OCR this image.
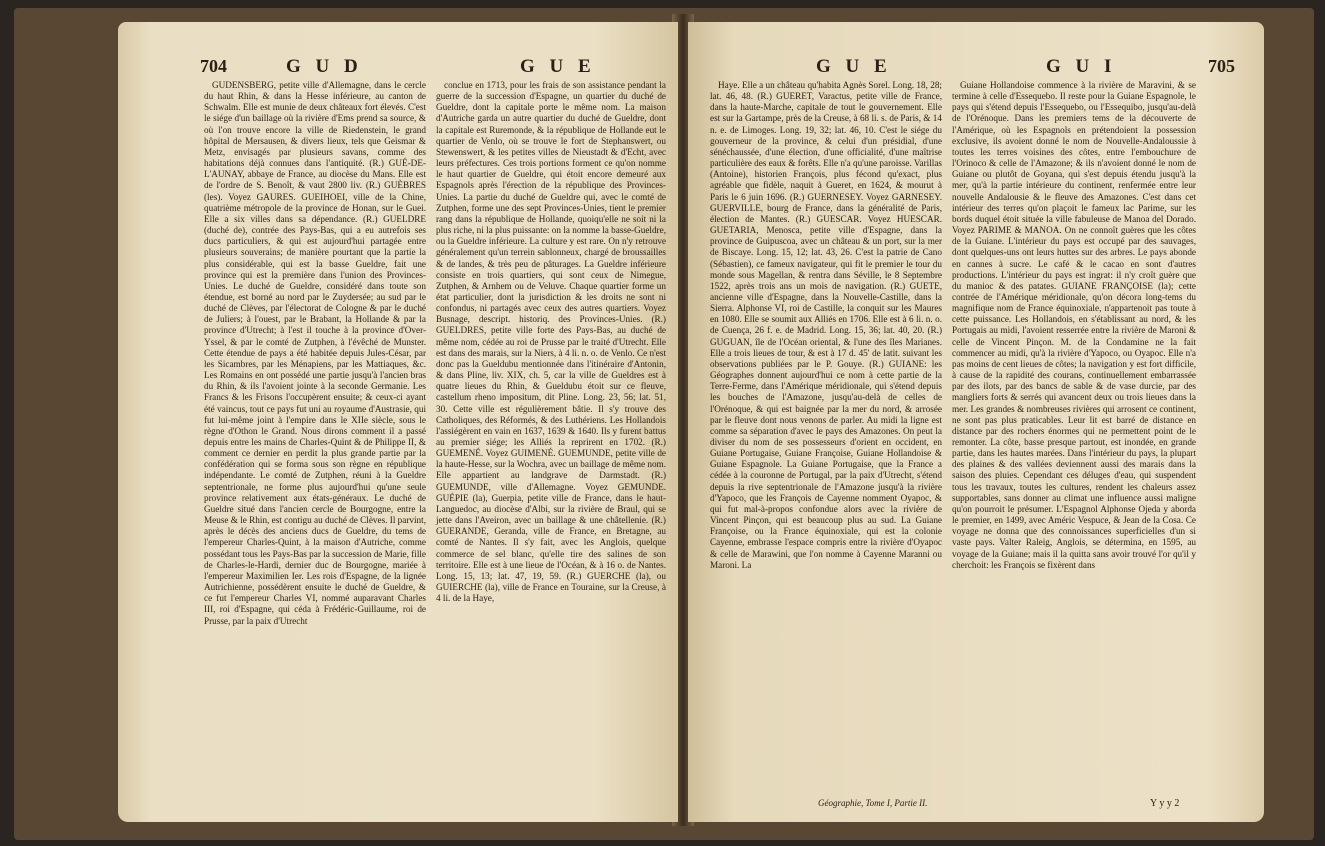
704	G U D	G U E

GUDENSBERG, petite ville d'Allemagne, dans le cercle du haut Rhin, & dans la Hesse inférieure, au canton de Schwalm. Elle est munie de deux châteaux fort élevés. C'est le siége d'un baillage où la rivière d'Ems prend sa source, & où l'on trouve encore la ville de Riedenstein, le grand hôpital de Mersausen, & divers lieux, tels que Geismar & Metz, envisagés par plusieurs savans, comme des habitations déjà connues dans l'antiquité. (R.) GUÉ-DE-L'AUNAY, abbaye de France, au diocèse du Mans. Elle est de l'ordre de S. Benoît, & vaut 2800 liv. (R.) GUÈBRES (les). Voyez GAURES. GUEIHOEI, ville de la Chine, quatrième métropole de la province de Honan, sur le Guei. Elle a six villes dans sa dépendance. (R.) GUELDRE (duché de), contrée des Pays-Bas, qui a eu autrefois ses ducs particuliers, & qui est aujourd'hui partagée entre plusieurs souverains; de manière pourtant que la partie la plus considérable, qui est la basse Gueldre, fait une province qui est la première dans l'union des Provinces-Unies. Le duché de Gueldre, considéré dans toute son étendue, est borné au nord par le Zuydersée; au sud par le duché de Clèves, par l'électorat de Cologne & par le duché de Juliers; à l'ouest, par le Brabant, la Hollande & par la province d'Utrecht; à l'est il touche à la province d'Over-Yssel, & par le comté de Zutphen, à l'évêché de Munster. Cette étendue de pays a été habitée depuis Jules-César, par les Sicambres, par les Ménapiens, par les Mattiaques, &c. Les Romains en ont possédé une partie jusqu'à l'ancien bras du Rhin, & ils l'avoient jointe à la seconde Germanie. Les Francs & les Frisons l'occupèrent ensuite; & ceux-ci ayant été vaincus, tout ce pays fut uni au royaume d'Austrasie, qui fut lui-même joint à l'empire dans le XIIe siècle, sous le règne d'Othon le Grand. Nous dirons comment il a passé depuis entre les mains de Charles-Quint & de Philippe II, & comment ce dernier en perdit la plus grande partie par la confédération qui se forma sous son règne en république indépendante. Le comté de Zutphen, réuni à la Gueldre septentrionale, ne forme plus aujourd'hui qu'une seule province relativement aux états-généraux. Le duché de Gueldre situé dans l'ancien cercle de Bourgogne, entre la Meuse & le Rhin, est contigu au duché de Clèves. Il parvint, après le décès des anciens ducs de Gueldre, du tems de l'empereur Charles-Quint, à la maison d'Autriche, comme possédant tous les Pays-Bas par la succession de Marie, fille de Charles-le-Hardi, dernier duc de Bourgogne, mariée à l'empereur Maximilien Ier. Les rois d'Espagne, de la lignée Autrichienne, possédèrent ensuite le duché de Gueldre, & ce fut l'empereur Charles VI, nommé auparavant Charles III, roi d'Espagne, qui céda à Frédéric-Guillaume, roi de Prusse, par la paix d'Utrecht

conclue en 1713, pour les frais de son assistance pendant la guerre de la succession d'Espagne, un quartier du duché de Gueldre, dont la capitale porte le même nom. La maison d'Autriche garda un autre quartier du duché de Gueldre, dont la capitale est Ruremonde, & la république de Hollande eut le quartier de Venlo, où se trouve le fort de Stephanswert, ou Stewenswert, & les petites villes de Nieustadt & d'Echt, avec leurs préfectures. Ces trois portions forment ce qu'on nomme le haut quartier de Gueldre, qui étoit encore demeuré aux Espagnols après l'érection de la république des Provinces-Unies. La partie du duché de Gueldre qui, avec le comté de Zutphen, forme une des sept Provinces-Unies, tient le premier rang dans la république de Hollande, quoiqu'elle ne soit ni la plus riche, ni la plus puissante: on la nomme la basse-Gueldre, ou la Gueldre inférieure. La culture y est rare. On n'y retrouve généralement qu'un terrein sablonneux, chargé de broussailles & de landes, & très peu de pâturages. La Gueldre inférieure consiste en trois quartiers, qui sont ceux de Nimegue, Zutphen, & Arnhem ou de Veluve. Chaque quartier forme un état particulier, dont la jurisdiction & les droits ne sont ni confondus, ni partagés avec ceux des autres quartiers. Voyez Busnage, descript. historiq. des Provinces-Unies. (R.) GUELDRES, petite ville forte des Pays-Bas, au duché de même nom, cédée au roi de Prusse par le traité d'Utrecht. Elle est dans des marais, sur la Niers, à 4 li. n. o. de Venlo. Ce n'est donc pas la Gueldubu mentionnée dans l'itinéraire d'Antonin, & dans Pline, liv. XIX, ch. 5, car la ville de Gueldres est à quatre lieues du Rhin, & Gueldubu étoit sur ce fleuve, castellum rheno impositum, dit Pline. Long. 23, 56; lat. 51, 30. Cette ville est régulièrement bâtie. Il s'y trouve des Catholiques, des Réformés, & des Luthériens. Les Hollandois l'assiégèrent en vain en 1637, 1639 & 1640. Ils y furent battus au premier siége; les Alliés la reprirent en 1702. (R.) GUEMENÉ. Voyez GUIMENÉ. GUEMUNDE, petite ville de la haute-Hesse, sur la Wochra, avec un baillage de même nom. Elle appartient au landgrave de Darmstadt. (R.) GUEMUNDE, ville d'Allemagne. Voyez GEMUNDE. GUÉPIE (la), Guerpia, petite ville de France, dans le haut-Languedoc, au diocèse d'Albi, sur la rivière de Braul, qui se jette dans l'Aveiron, avec un baillage & une châtellenie. (R.) GUERANDE, Geranda, ville de France, en Bretagne, au comté de Nantes. Il s'y fait, avec les Anglois, quelque commerce de sel blanc, qu'elle tire des salines de son territoire. Elle est à une lieue de l'Océan, & à 16 o. de Nantes. Long. 15, 13; lat. 47, 19, 59. (R.) GUERCHE (la), ou GUIERCHE (la), ville de France en Touraine, sur la Creuse, à 4 li. de la Haye,

G U E	G U I	705

Haye. Elle a un château qu'habita Agnès Sorel. Long. 18, 28; lat. 46, 48. (R.) GUERET, Varactus, petite ville de France, dans la haute-Marche, capitale de tout le gouvernement. Elle est sur la Gartampe, près de la Creuse, à 68 li. s. de Paris, & 14 n. e. de Limoges. Long. 19, 32; lat. 46, 10. C'est le siége du gouverneur de la province, & celui d'un présidial, d'une sénéchaussée, d'une élection, d'une officialité, d'une maîtrise particulière des eaux & forêts. Elle n'a qu'une paroisse. Varillas (Antoine), historien François, plus fécond qu'exact, plus agréable que fidèle, naquit à Gueret, en 1624, & mourut à Paris le 6 juin 1696. (R.) GUERNESEY. Voyez GARNESEY. GUERVILLE, bourg de France, dans la généralité de Paris, élection de Mantes. (R.) GUESCAR. Voyez HUESCAR. GUETARIA, Menosca, petite ville d'Espagne, dans la province de Guipuscoa, avec un château & un port, sur la mer de Biscaye. Long. 15, 12; lat. 43, 26. C'est la patrie de Cano (Sébastien), ce fameux navigateur, qui fit le premier le tour du monde sous Magellan, & rentra dans Séville, le 8 Septembre 1522, après trois ans un mois de navigation. (R.) GUETE, ancienne ville d'Espagne, dans la Nouvelle-Castille, dans la Sierra. Alphonse VI, roi de Castille, la conquit sur les Maures en 1080. Elle se soumit aux Alliés en 1706. Elle est à 6 li. n. o. de Cuença, 26 f. e. de Madrid. Long. 15, 36; lat. 40, 20. (R.) GUGUAN, île de l'Océan oriental, & l'une des îles Marianes. Elle a trois lieues de tour, & est à 17 d. 45' de latit. suivant les observations publiées par le P. Gouye. (R.) GUIANE: les Géographes donnent aujourd'hui ce nom à cette partie de la Terre-Ferme, dans l'Amérique méridionale, qui s'étend depuis les bouches de l'Amazone, jusqu'au-delà de celles de l'Orénoque, & qui est baignée par la mer du nord, & arrosée par le fleuve dont nous venons de parler. Au midi la ligne est comme sa séparation d'avec le pays des Amazones. On peut la diviser du nom de ses possesseurs d'orient en occident, en Guiane Portugaise, Guiane Françoise, Guiane Hollandoise & Guiane Espagnole. La Guiane Portugaise, que la France a cédée à la couronne de Portugal, par la paix d'Utrecht, s'étend depuis la rive septentrionale de l'Amazone jusqu'à la rivière d'Yapoco, que les François de Cayenne nomment Oyapoc, & qui fut mal-à-propos confondue alors avec la rivière de Vincent Pinçon, qui est beaucoup plus au sud. La Guiane Françoise, ou la France équinoxiale, qui est la colonie Cayenne, embrasse l'espace compris entre la rivière d'Oyapoc & celle de Marawini, que l'on nomme à Cayenne Maranni ou Maroni. La

Guiane Hollandoise commence à la rivière de Maravini, & se termine à celle d'Essequebo. Il reste pour la Guiane Espagnole, le pays qui s'étend depuis l'Essequebo, ou l'Essequibo, jusqu'au-delà de l'Orénoque. Dans les premiers tems de la découverte de l'Amérique, où les Espagnols en prétendoient la possession exclusive, ils avoient donné le nom de Nouvelle-Andaloussie à toutes les terres voisines des côtes, entre l'embouchure de l'Orinoco & celle de l'Amazone; & ils n'avoient donné le nom de Guiane ou plutôt de Goyana, qui s'est depuis étendu jusqu'à la mer, qu'à la partie intérieure du continent, renfermée entre leur nouvelle Andalousie & le fleuve des Amazones. C'est dans cet intérieur des terres qu'on plaçoit le fameux lac Parime, sur les bords duquel étoit située la ville fabuleuse de Manoa del Dorado. Voyez PARIME & MANOA. On ne connoît guères que les côtes de la Guiane. L'intérieur du pays est occupé par des sauvages, dont quelques-uns ont leurs huttes sur des arbres. Le pays abonde en cannes à sucre. Le café & le cacao en sont d'autres productions. L'intérieur du pays est ingrat: il n'y croît guère que du manioc & des patates. GUIANE FRANÇOISE (la); cette contrée de l'Amérique méridionale, qu'on décora long-tems du magnifique nom de France équinoxiale, n'appartenoit pas toute à cette puissance. Les Hollandois, en s'établissant au nord, & les Portugais au midi, l'avoient resserrée entre la rivière de Maroni & celle de Vincent Pinçon. M. de la Condamine ne la fait commencer au midi, qu'à la rivière d'Yapoco, ou Oyapoc. Elle n'a pas moins de cent lieues de côtes; la navigation y est fort difficile, à cause de la rapidité des courans, continuellement embarrassée par des ilots, par des bancs de sable & de vase durcie, par des mangliers forts & serrés qui avancent deux ou trois lieues dans la mer. Les grandes & nombreuses rivières qui arrosent ce continent, ne sont pas plus praticables. Leur lit est barré de distance en distance par des rochers énormes qui ne permettent point de le remonter. La côte, basse presque partout, est inondée, en grande partie, dans les hautes marées. Dans l'intérieur du pays, la plupart des plaines & des vallées deviennent aussi des marais dans la saison des pluies. Cependant ces déluges d'eau, qui suspendent tous les travaux, toutes les cultures, rendent les chaleurs assez supportables, sans donner au climat une influence aussi maligne qu'on pourroit le présumer. L'Espagnol Alphonse Ojeda y aborda le premier, en 1499, avec Améric Vespuce, & Jean de la Cosa. Ce voyage ne donna que des connoissances superficielles d'un si vaste pays. Valter Raleig, Anglois, se détermina, en 1595, au voyage de la Guiane; mais il la quitta sans avoir trouvé l'or qu'il y cherchoit: les François se fixèrent dans

Géographie, Tome I, Partie II.	Y y y 2
